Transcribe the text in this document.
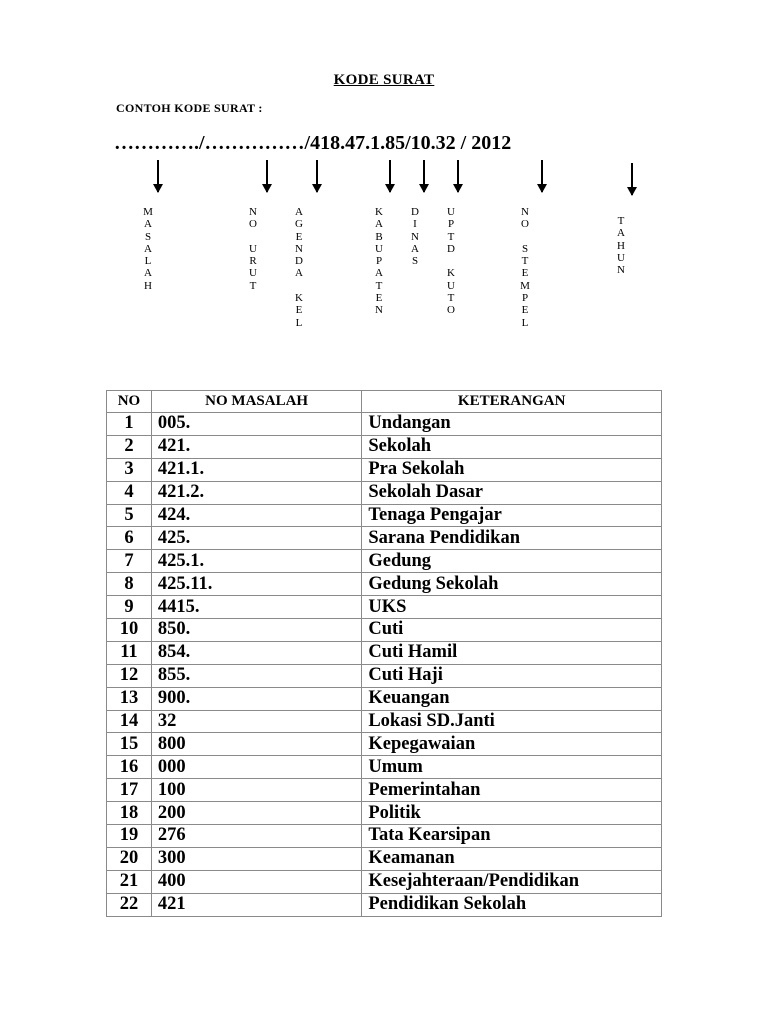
KODE SURAT
CONTOH KODE SURAT :
…………./……………/418.47.1.85/10.32 / 2012
M
A
S
A
L
A
H
N
O

U
R
U
T
A
G
E
N
D
A

K
E
L
K
A
B
U
P
A
T
E
N
D
I
N
A
S
U
P
T
D

K
U
T
O
N
O

S
T
E
M
P
E
L
T
A
H
U
N
NO	NO MASALAH	KETERANGAN
1	005.	Undangan
2	421.	Sekolah
3	421.1.	Pra Sekolah
4	421.2.	Sekolah Dasar
5	424.	Tenaga Pengajar
6	425.	Sarana Pendidikan
7	425.1.	Gedung
8	425.11.	Gedung Sekolah
9	4415.	UKS
10	850.	Cuti
11	854.	Cuti Hamil
12	855.	Cuti Haji
13	900.	Keuangan
14	32	Lokasi SD.Janti
15	800	Kepegawaian
16	000	Umum
17	100	Pemerintahan
18	200	Politik
19	276	Tata Kearsipan
20	300	Keamanan
21	400	Kesejahteraan/Pendidikan
22	421	Pendidikan Sekolah
